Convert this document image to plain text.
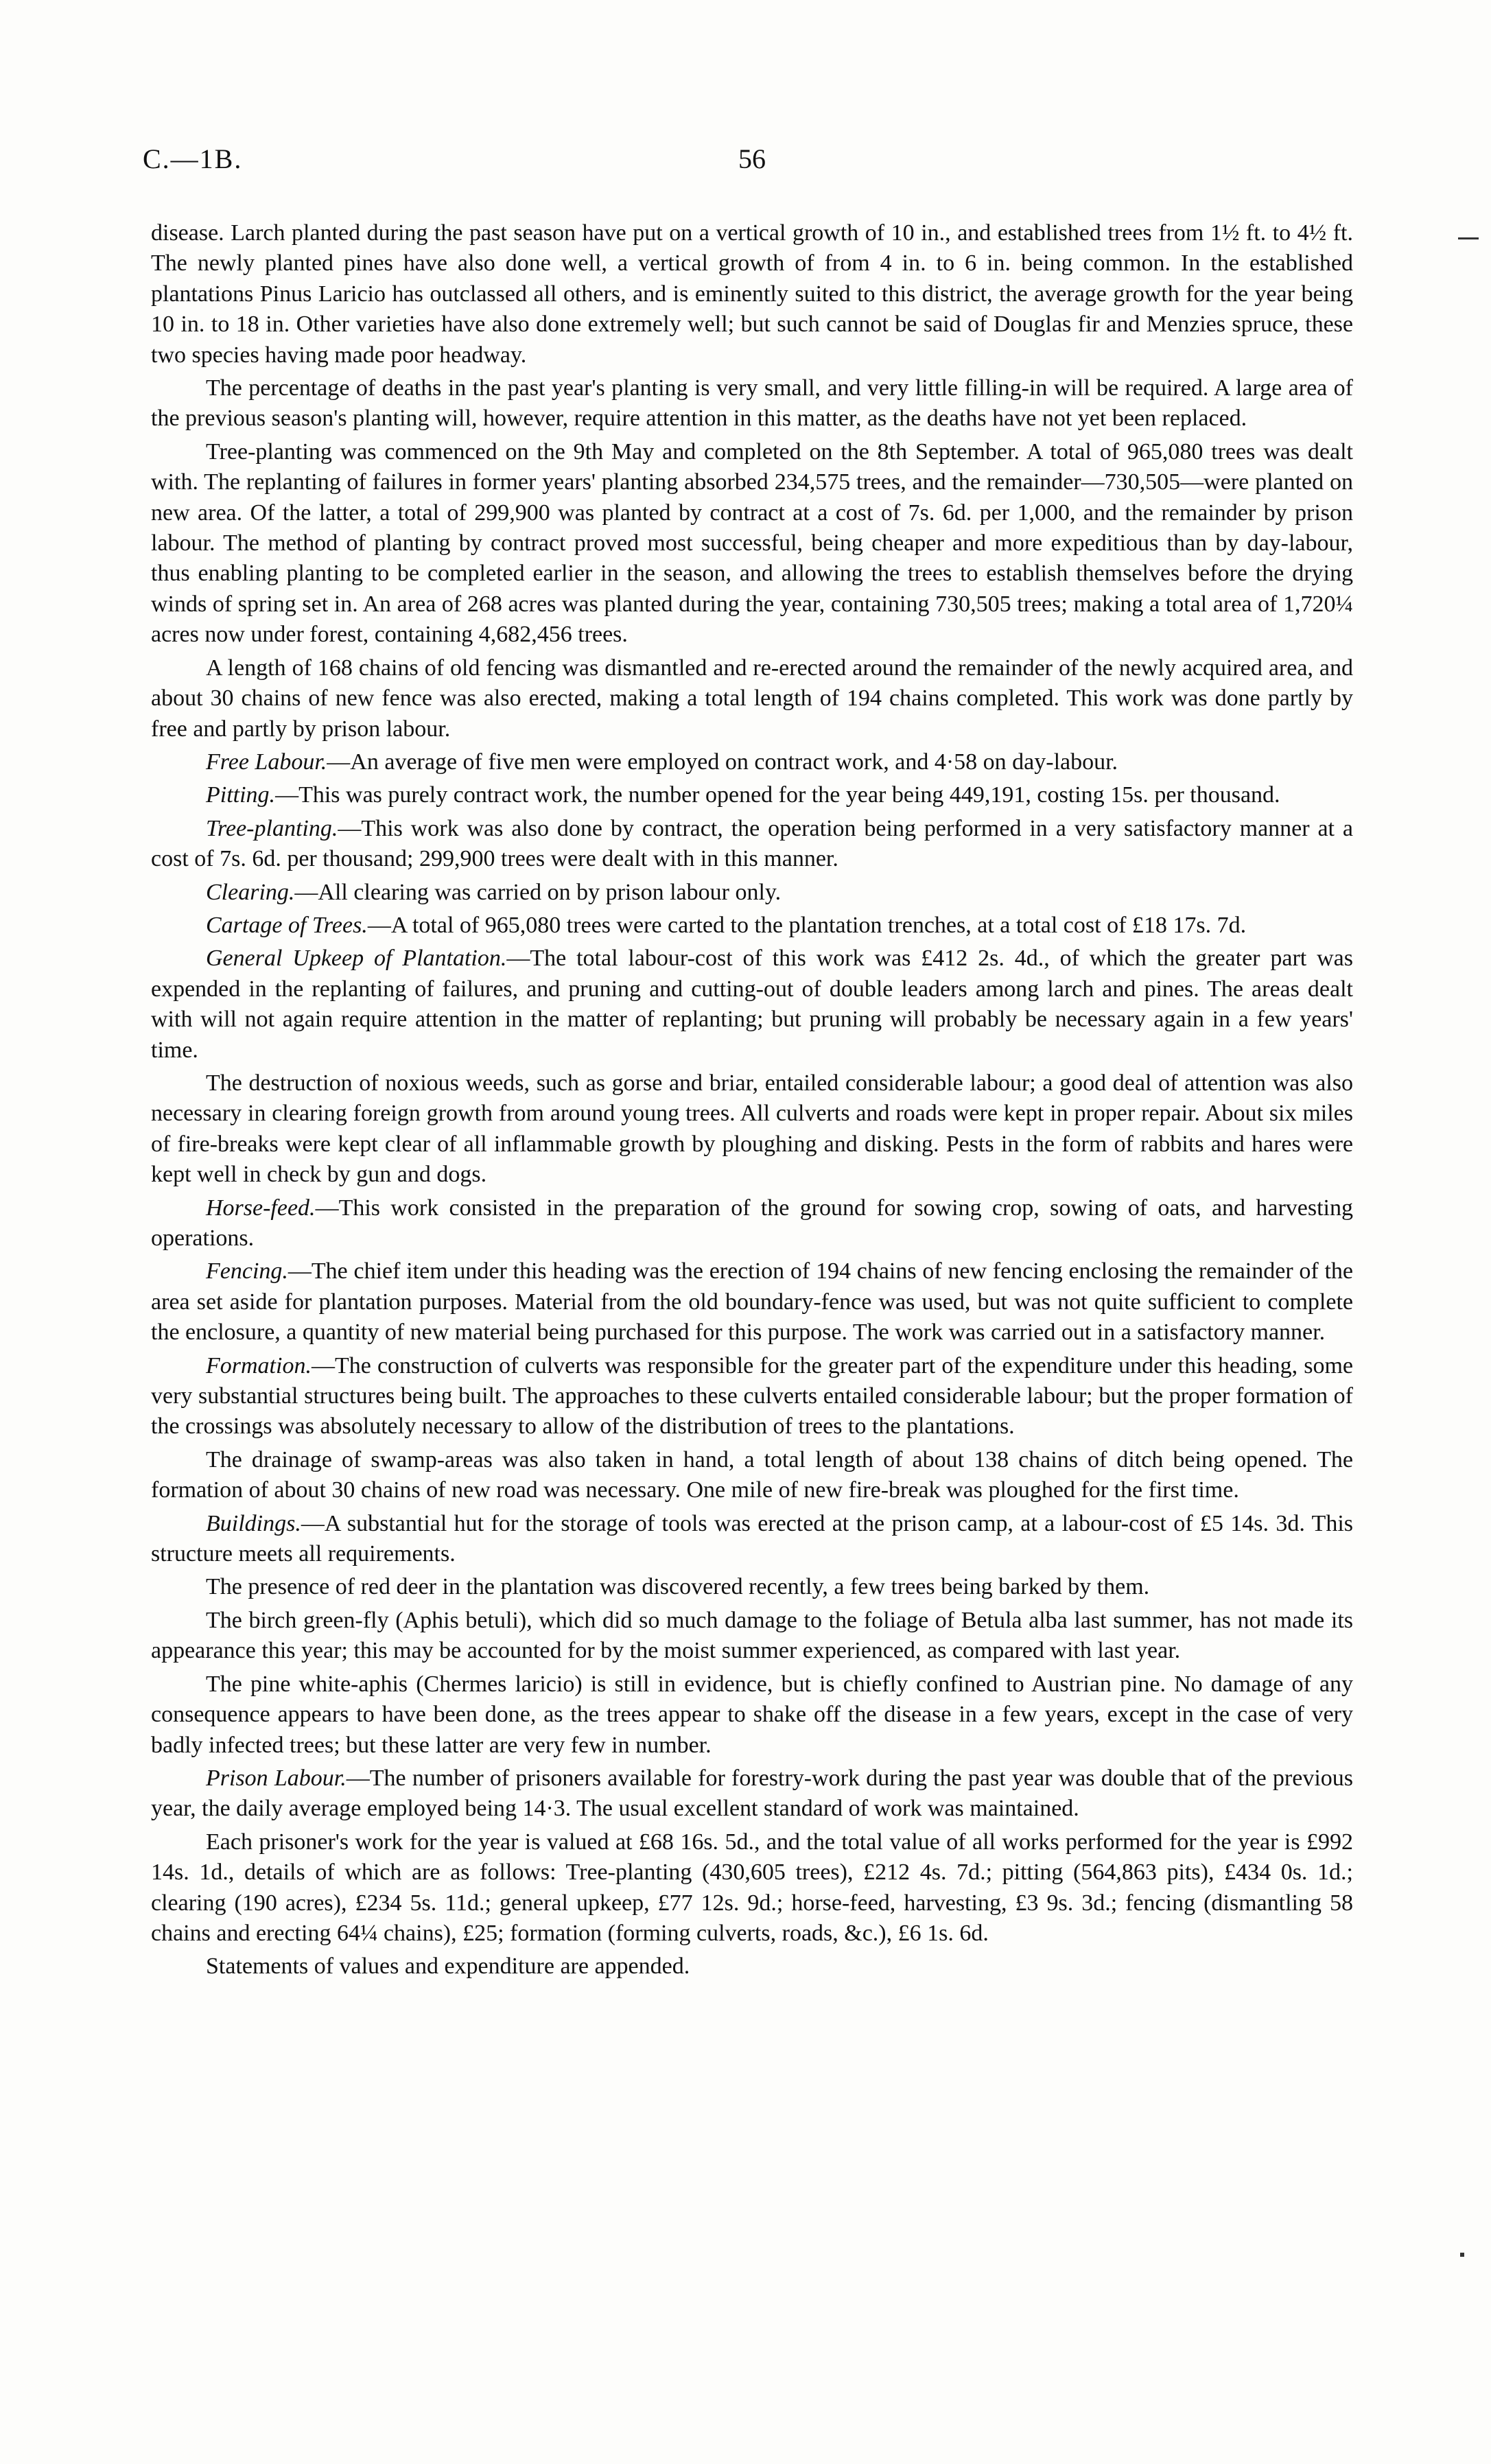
C.—1B.	56

disease. Larch planted during the past season have put on a vertical growth of 10 in., and established trees from 1½ ft. to 4½ ft. The newly planted pines have also done well, a vertical growth of from 4 in. to 6 in. being common. In the established plantations Pinus Laricio has outclassed all others, and is eminently suited to this district, the average growth for the year being 10 in. to 18 in. Other varieties have also done extremely well; but such cannot be said of Douglas fir and Menzies spruce, these two species having made poor headway.

The percentage of deaths in the past year's planting is very small, and very little filling-in will be required. A large area of the previous season's planting will, however, require attention in this matter, as the deaths have not yet been replaced.

Tree-planting was commenced on the 9th May and completed on the 8th September. A total of 965,080 trees was dealt with. The replanting of failures in former years' planting absorbed 234,575 trees, and the remainder—730,505—were planted on new area. Of the latter, a total of 299,900 was planted by contract at a cost of 7s. 6d. per 1,000, and the remainder by prison labour. The method of planting by contract proved most successful, being cheaper and more expeditious than by day-labour, thus enabling planting to be completed earlier in the season, and allowing the trees to establish themselves before the drying winds of spring set in. An area of 268 acres was planted during the year, containing 730,505 trees; making a total area of 1,720¼ acres now under forest, containing 4,682,456 trees.

A length of 168 chains of old fencing was dismantled and re-erected around the remainder of the newly acquired area, and about 30 chains of new fence was also erected, making a total length of 194 chains completed. This work was done partly by free and partly by prison labour.

Free Labour.—An average of five men were employed on contract work, and 4·58 on day-labour.

Pitting.—This was purely contract work, the number opened for the year being 449,191, costing 15s. per thousand.

Tree-planting.—This work was also done by contract, the operation being performed in a very satisfactory manner at a cost of 7s. 6d. per thousand; 299,900 trees were dealt with in this manner.

Clearing.—All clearing was carried on by prison labour only.

Cartage of Trees.—A total of 965,080 trees were carted to the plantation trenches, at a total cost of £18 17s. 7d.

General Upkeep of Plantation.—The total labour-cost of this work was £412 2s. 4d., of which the greater part was expended in the replanting of failures, and pruning and cutting-out of double leaders among larch and pines. The areas dealt with will not again require attention in the matter of replanting; but pruning will probably be necessary again in a few years' time.

The destruction of noxious weeds, such as gorse and briar, entailed considerable labour; a good deal of attention was also necessary in clearing foreign growth from around young trees. All culverts and roads were kept in proper repair. About six miles of fire-breaks were kept clear of all inflammable growth by ploughing and disking. Pests in the form of rabbits and hares were kept well in check by gun and dogs.

Horse-feed.—This work consisted in the preparation of the ground for sowing crop, sowing of oats, and harvesting operations.

Fencing.—The chief item under this heading was the erection of 194 chains of new fencing enclosing the remainder of the area set aside for plantation purposes. Material from the old boundary-fence was used, but was not quite sufficient to complete the enclosure, a quantity of new material being purchased for this purpose. The work was carried out in a satisfactory manner.

Formation.—The construction of culverts was responsible for the greater part of the expenditure under this heading, some very substantial structures being built. The approaches to these culverts entailed considerable labour; but the proper formation of the crossings was absolutely necessary to allow of the distribution of trees to the plantations.

The drainage of swamp-areas was also taken in hand, a total length of about 138 chains of ditch being opened. The formation of about 30 chains of new road was necessary. One mile of new fire-break was ploughed for the first time.

Buildings.—A substantial hut for the storage of tools was erected at the prison camp, at a labour-cost of £5 14s. 3d. This structure meets all requirements.

The presence of red deer in the plantation was discovered recently, a few trees being barked by them.

The birch green-fly (Aphis betuli), which did so much damage to the foliage of Betula alba last summer, has not made its appearance this year; this may be accounted for by the moist summer experienced, as compared with last year.

The pine white-aphis (Chermes laricio) is still in evidence, but is chiefly confined to Austrian pine. No damage of any consequence appears to have been done, as the trees appear to shake off the disease in a few years, except in the case of very badly infected trees; but these latter are very few in number.

Prison Labour.—The number of prisoners available for forestry-work during the past year was double that of the previous year, the daily average employed being 14·3. The usual excellent standard of work was maintained.

Each prisoner's work for the year is valued at £68 16s. 5d., and the total value of all works performed for the year is £992 14s. 1d., details of which are as follows: Tree-planting (430,605 trees), £212 4s. 7d.; pitting (564,863 pits), £434 0s. 1d.; clearing (190 acres), £234 5s. 11d.; general upkeep, £77 12s. 9d.; horse-feed, harvesting, £3 9s. 3d.; fencing (dismantling 58 chains and erecting 64¼ chains), £25; formation (forming culverts, roads, &c.), £6 1s. 6d.

Statements of values and expenditure are appended.
